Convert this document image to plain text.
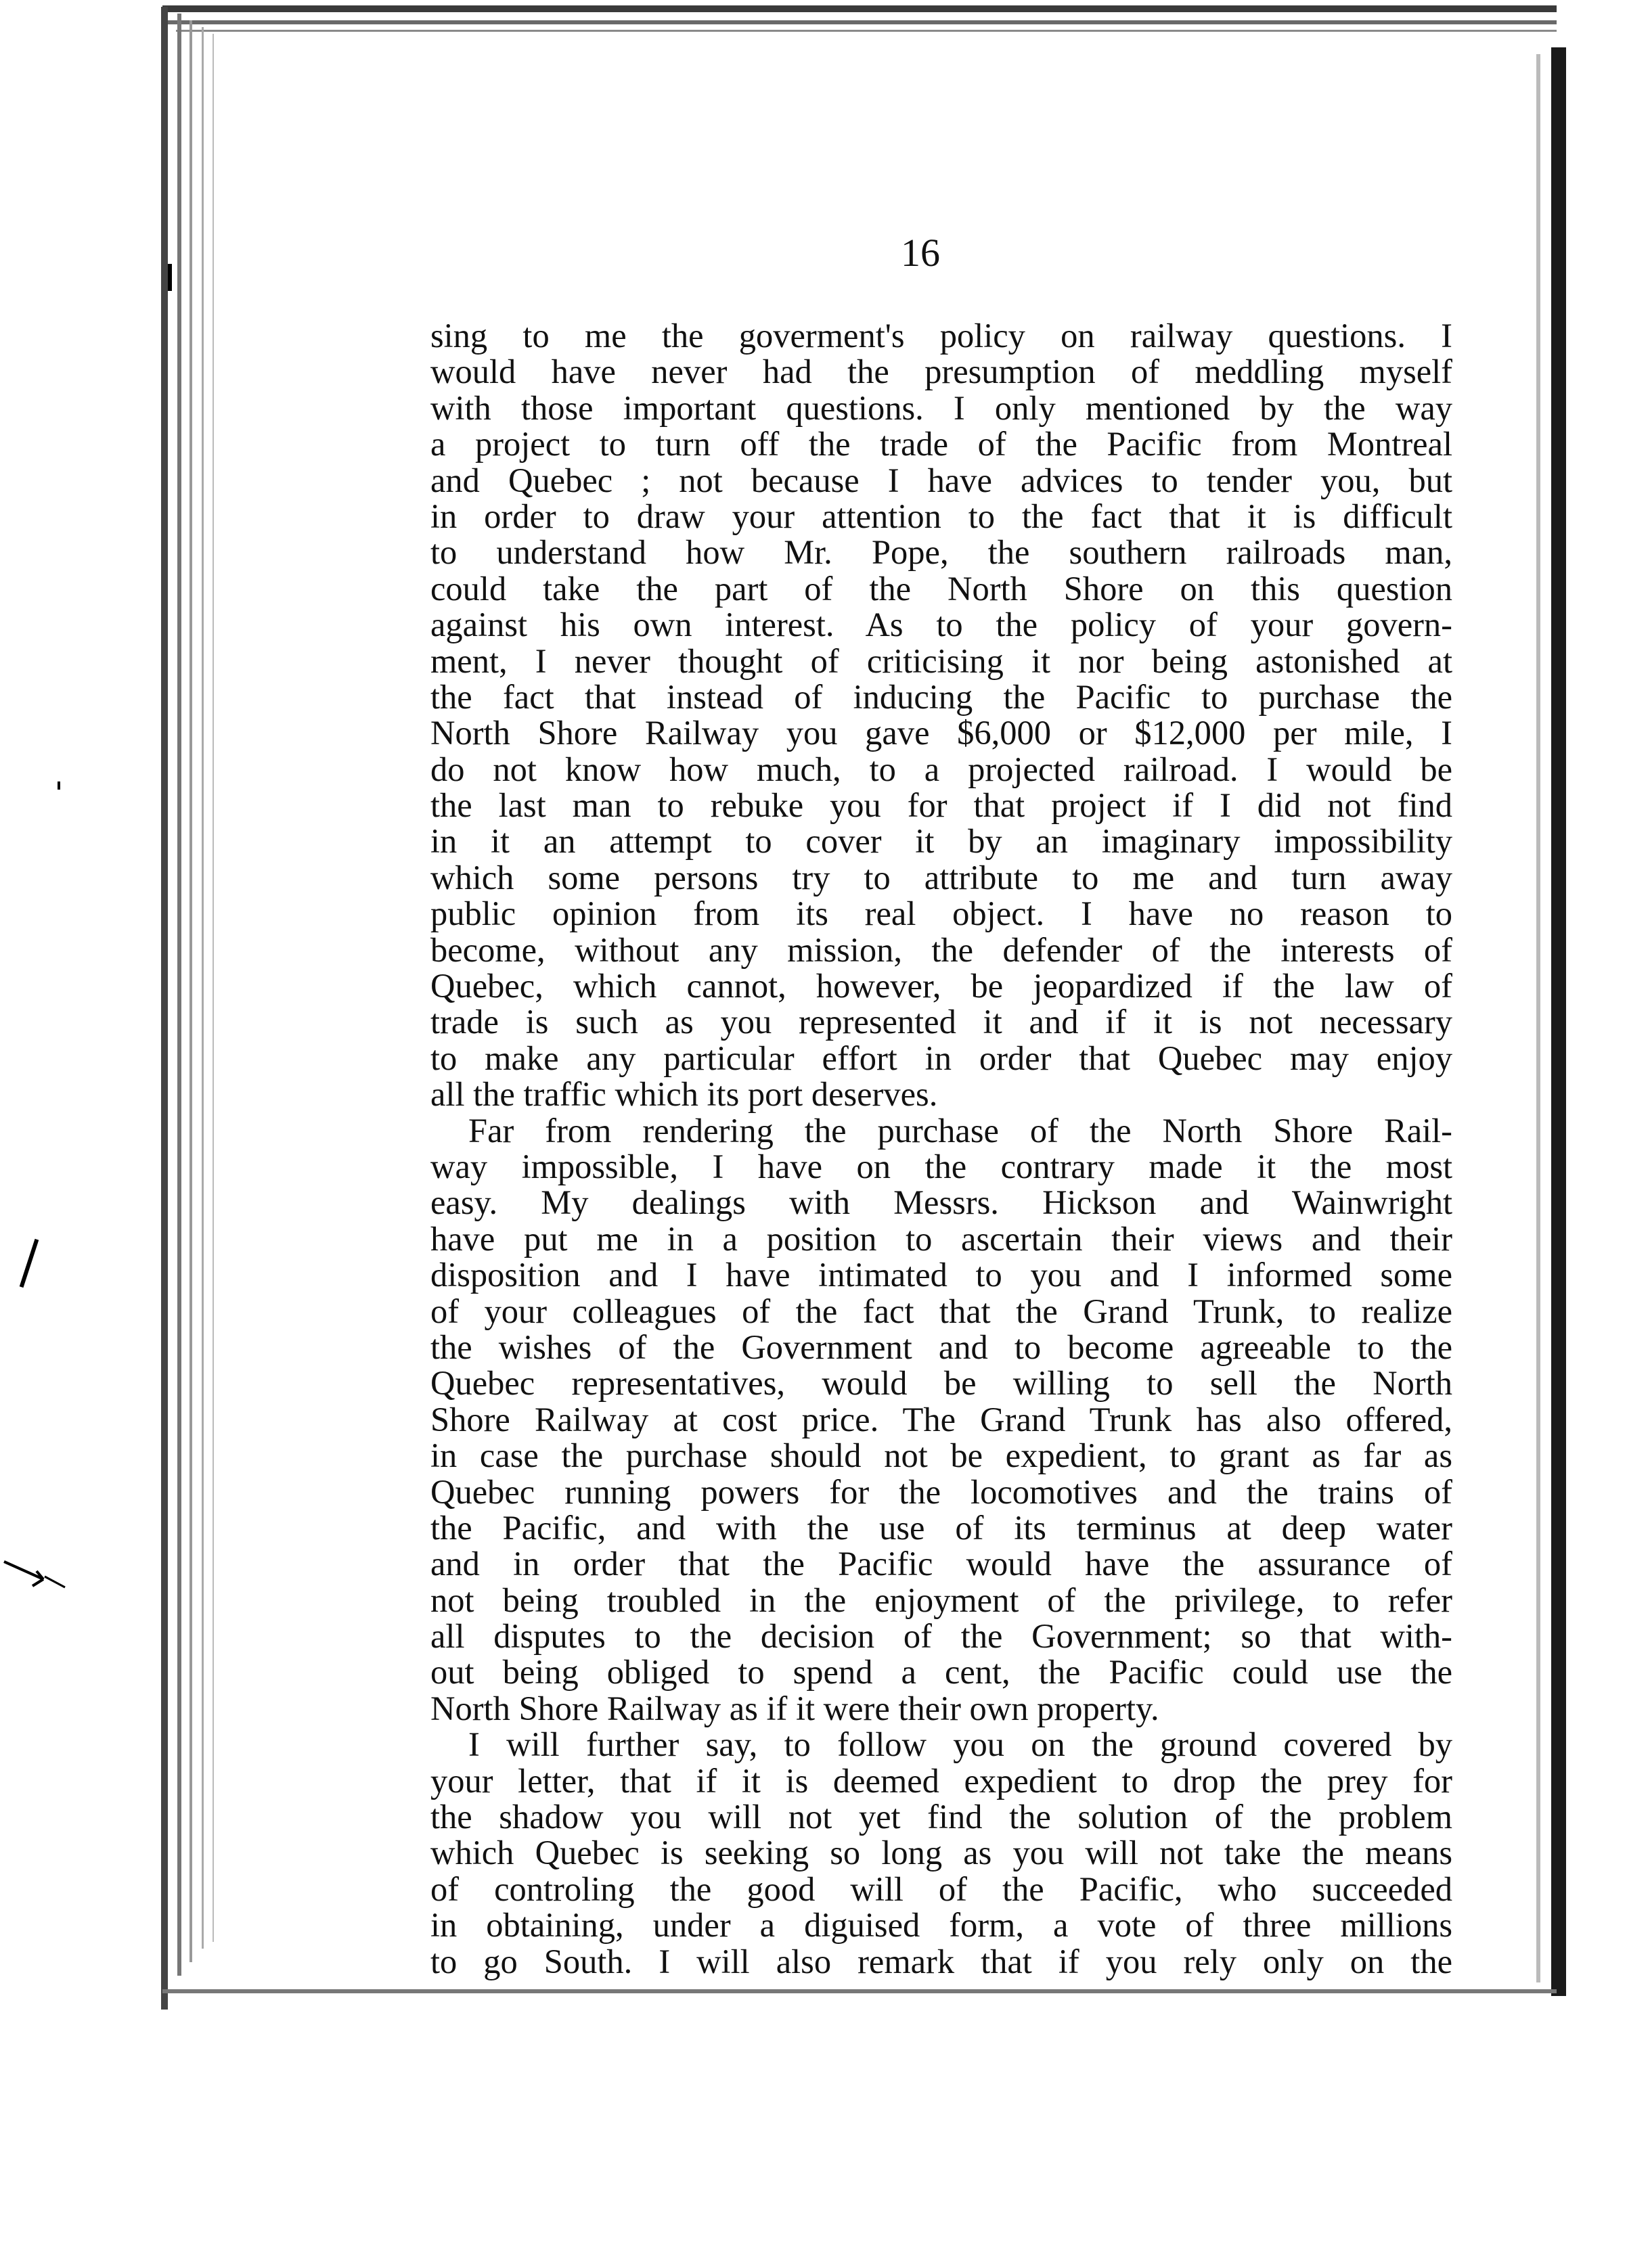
16
sing to me the goverment's policy on railway questions. I
would have never had the presumption of meddling myself
with those important questions. I only mentioned by the way
a project to turn off the trade of the Pacific from Montreal
and Quebec ; not because I have advices to tender you, but
in order to draw your attention to the fact that it is difficult
to understand how Mr. Pope, the southern railroads man,
could take the part of the North Shore on this question
against his own interest. As to the policy of your govern-
ment, I never thought of criticising it nor being astonished at
the fact that instead of inducing the Pacific to purchase the
North Shore Railway you gave $6,000 or $12,000 per mile, I
do not know how much, to a projected railroad. I would be
the last man to rebuke you for that project if I did not find
in it an attempt to cover it by an imaginary impossibility
which some persons try to attribute to me and turn away
public opinion from its real object. I have no reason to
become, without any mission, the defender of the interests of
Quebec, which cannot, however, be jeopardized if the law of
trade is such as you represented it and if it is not necessary
to make any particular effort in order that Quebec may enjoy
all the traffic which its port deserves.
Far from rendering the purchase of the North Shore Rail-
way impossible, I have on the contrary made it the most
easy. My dealings with Messrs. Hickson and Wainwright
have put me in a position to ascertain their views and their
disposition and I have intimated to you and I informed some
of your colleagues of the fact that the Grand Trunk, to realize
the wishes of the Government and to become agreeable to the
Quebec representatives, would be willing to sell the North
Shore Railway at cost price. The Grand Trunk has also offered,
in case the purchase should not be expedient, to grant as far as
Quebec running powers for the locomotives and the trains of
the Pacific, and with the use of its terminus at deep water
and in order that the Pacific would have the assurance of
not being troubled in the enjoyment of the privilege, to refer
all disputes to the decision of the Government; so that with-
out being obliged to spend a cent, the Pacific could use the
North Shore Railway as if it were their own property.
I will further say, to follow you on the ground covered by
your letter, that if it is deemed expedient to drop the prey for
the shadow you will not yet find the solution of the problem
which Quebec is seeking so long as you will not take the means
of controling the good will of the Pacific, who succeeded
in obtaining, under a diguised form, a vote of three millions
to go South. I will also remark that if you rely only on the
